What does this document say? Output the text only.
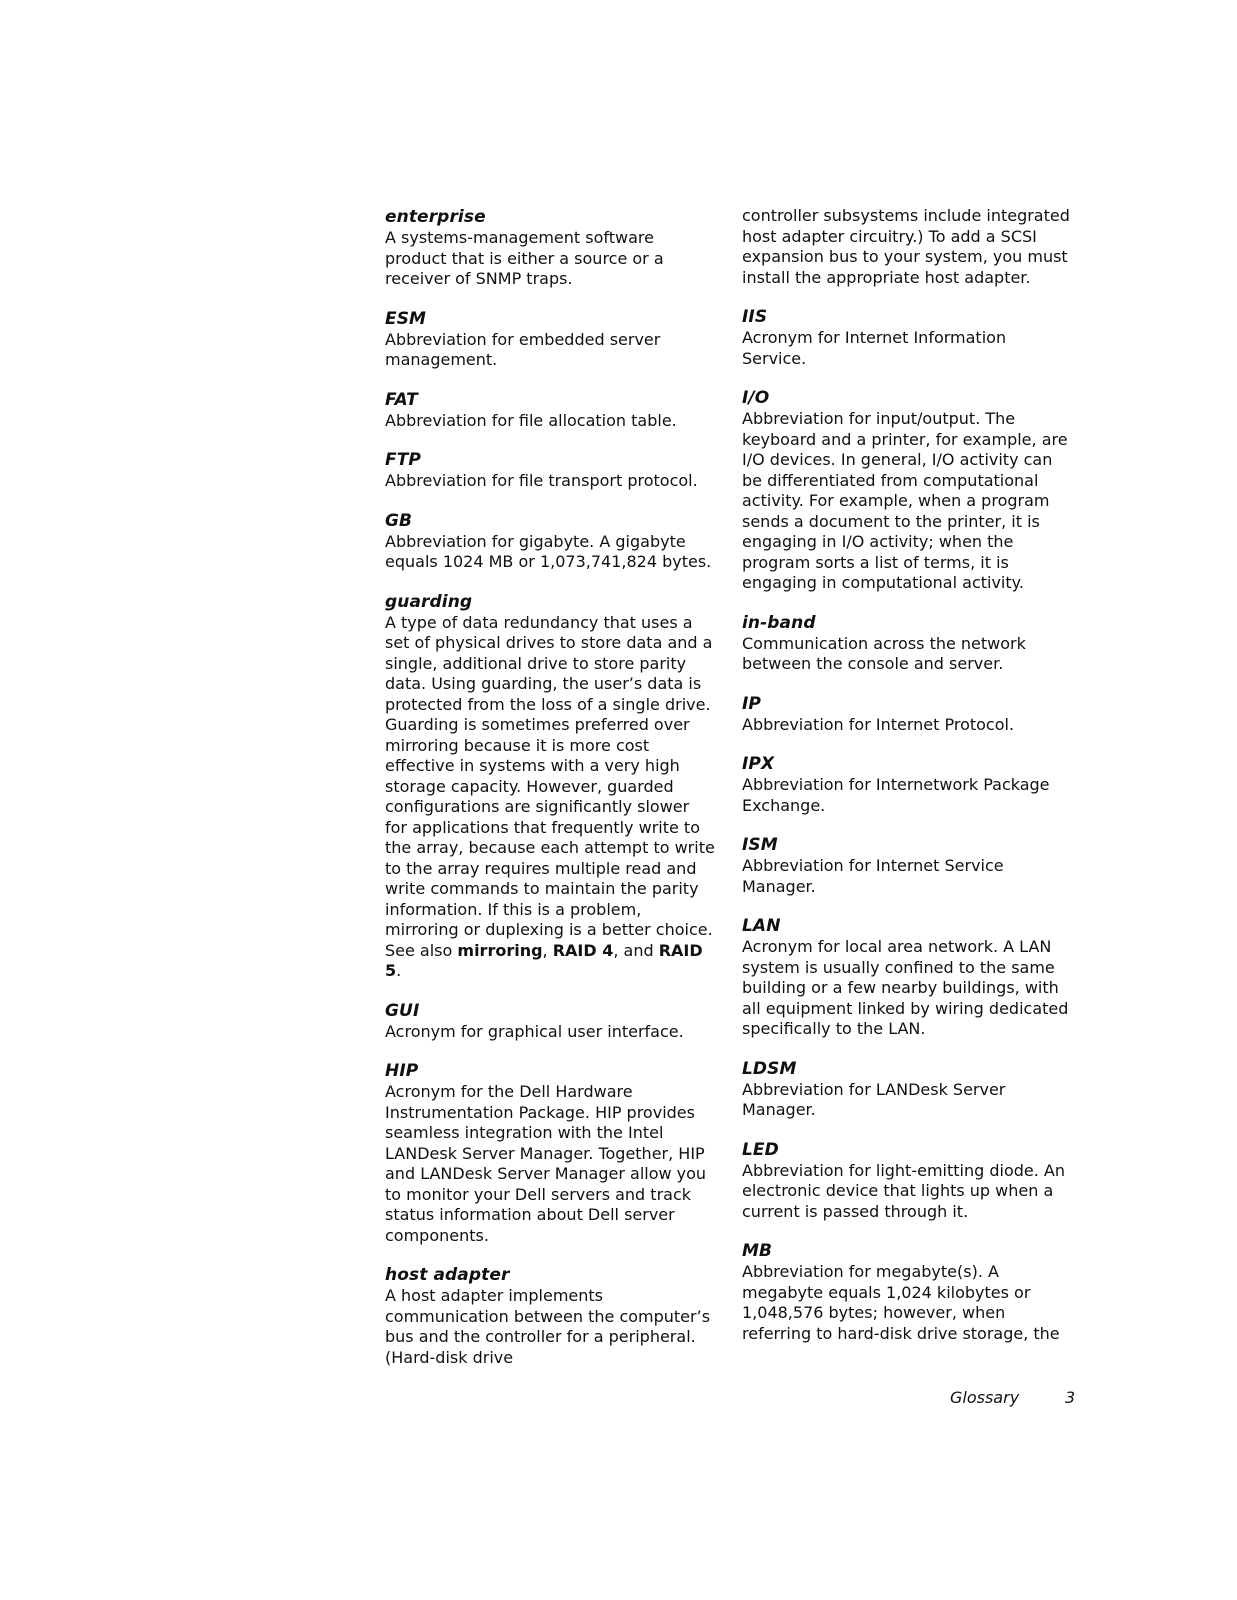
enterprise

A systems-management software product that is either a source or a receiver of SNMP traps.

ESM

Abbreviation for embedded server management.

FAT

Abbreviation for file allocation table.

FTP

Abbreviation for file transport protocol.

GB

Abbreviation for gigabyte. A gigabyte equals 1024 MB or 1,073,741,824 bytes.

guarding

A type of data redundancy that uses a set of physical drives to store data and a single, additional drive to store parity data. Using guarding, the user’s data is protected from the loss of a single drive. Guarding is sometimes preferred over mirroring because it is more cost effective in systems with a very high storage capacity. However, guarded configurations are significantly slower for applications that frequently write to the array, because each attempt to write to the array requires multiple read and write commands to maintain the parity information. If this is a problem, mirroring or duplexing is a better choice. See also mirroring, RAID 4, and RAID 5.

GUI

Acronym for graphical user interface.

HIP

Acronym for the Dell Hardware Instrumentation Package. HIP provides seamless integration with the Intel LANDesk Server Manager. Together, HIP and LANDesk Server Manager allow you to monitor your Dell servers and track status information about Dell server components.

host adapter

A host adapter implements communication between the computer’s bus and the controller for a peripheral. (Hard-disk drive

controller subsystems include integrated host adapter circuitry.) To add a SCSI expansion bus to your system, you must install the appropriate host adapter.

IIS

Acronym for Internet Information Service.

I/O

Abbreviation for input/output. The keyboard and a printer, for example, are I/O devices. In general, I/O activity can be differentiated from computational activity. For example, when a program sends a document to the printer, it is engaging in I/O activity; when the program sorts a list of terms, it is engaging in computational activity.

in-band

Communication across the network between the console and server.

IP

Abbreviation for Internet Protocol.

IPX

Abbreviation for Internetwork Package Exchange.

ISM

Abbreviation for Internet Service Manager.

LAN

Acronym for local area network. A LAN system is usually confined to the same building or a few nearby buildings, with all equipment linked by wiring dedicated specifically to the LAN.

LDSM

Abbreviation for LANDesk Server Manager.

LED

Abbreviation for light-emitting diode. An electronic device that lights up when a current is passed through it.

MB

Abbreviation for megabyte(s). A megabyte equals 1,024 kilobytes or 1,048,576 bytes; however, when referring to hard-disk drive storage, the

Glossary	3
